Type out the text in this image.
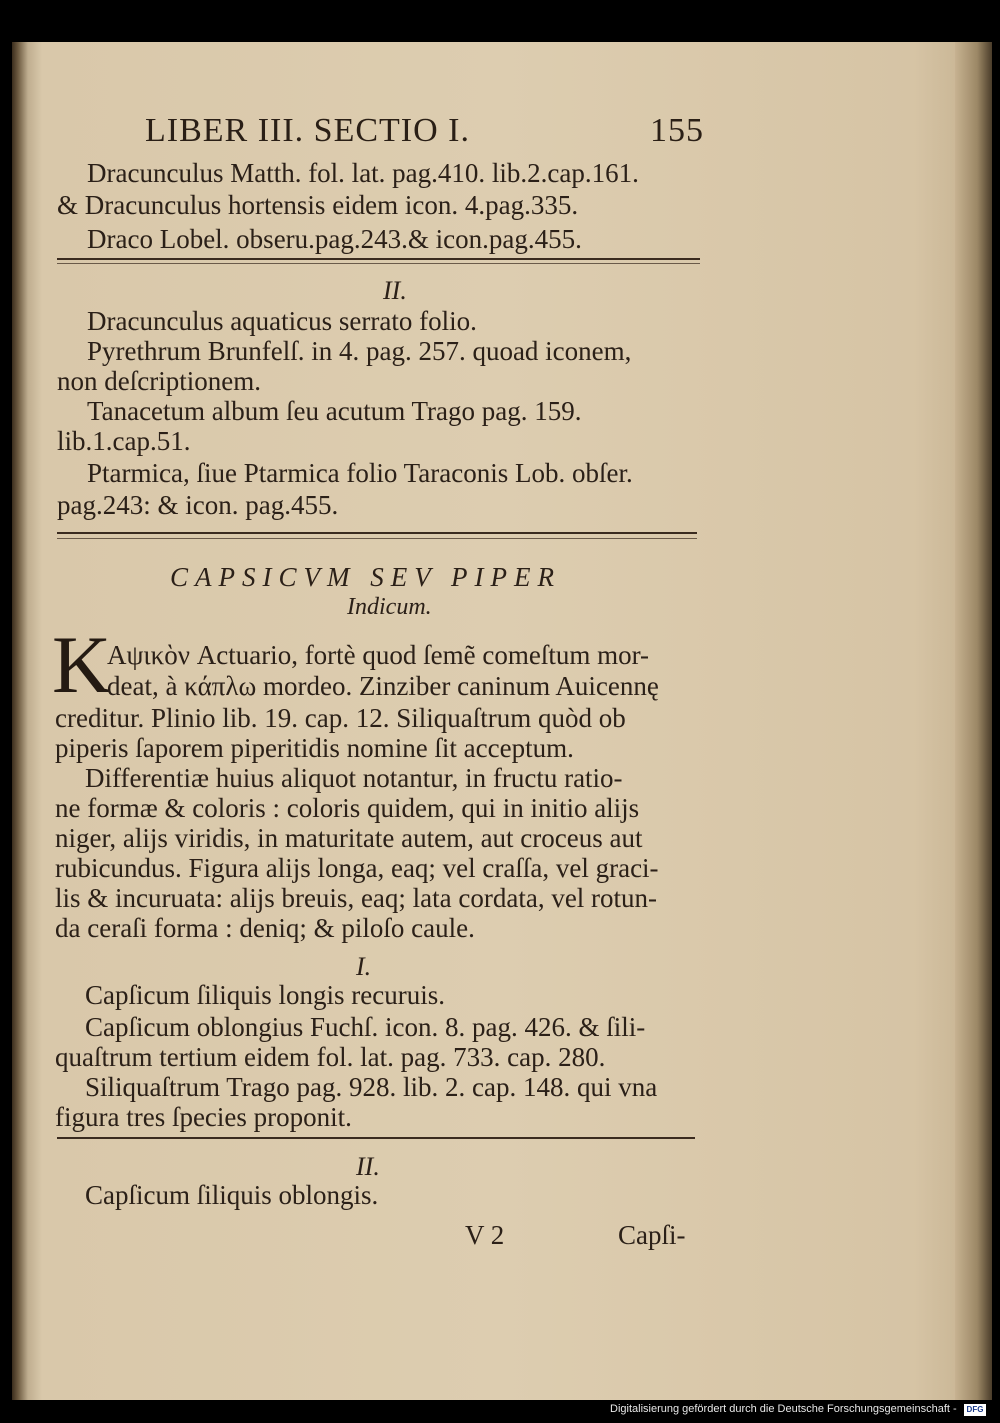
LIBER III. SECTIO I.	155
Dracunculus Matth. fol. lat. pag.410. lib.2.cap.161.
& Dracunculus hortensis eidem icon. 4.pag.335.
Draco Lobel. obseru.pag.243.& icon.pag.455.
II.
Dracunculus aquaticus serrato folio.
Pyrethrum Brunfelſ. in 4. pag. 257. quoad iconem,
non deſcriptionem.
Tanacetum album ſeu acutum Trago pag. 159.
lib.1.cap.51.
Ptarmica, ſiue Ptarmica folio Taraconis Lob. obſer.
pag.243: & icon. pag.455.
CAPSICVM SEV PIPER
Indicum.
K
Aψικὸν Actuario, fortè quod ſemẽ comeſtum mor-
deat, à κάπλω mordeo. Zinziber caninum Auicennę
creditur. Plinio lib. 19. cap. 12. Siliquaſtrum quòd ob
piperis ſaporem piperitidis nomine ſit acceptum.
Differentiæ huius aliquot notantur, in fructu ratio-
ne formæ & coloris : coloris quidem, qui in initio alijs
niger, alijs viridis, in maturitate autem, aut croceus aut
rubicundus. Figura alijs longa, eaq; vel craſſa, vel graci-
lis & incuruata: alijs breuis, eaq; lata cordata, vel rotun-
da ceraſi forma : deniq; & piloſo caule.
I.
Capſicum ſiliquis longis recuruis.
Capſicum oblongius Fuchſ. icon. 8. pag. 426. & ſili-
quaſtrum tertium eidem fol. lat. pag. 733. cap. 280.
Siliquaſtrum Trago pag. 928. lib. 2. cap. 148. qui vna
figura tres ſpecies proponit.
II.
Capſicum ſiliquis oblongis.
V 2	Capſi-
Digitalisierung gefördert durch die Deutsche Forschungsgemeinschaft -	DFG
